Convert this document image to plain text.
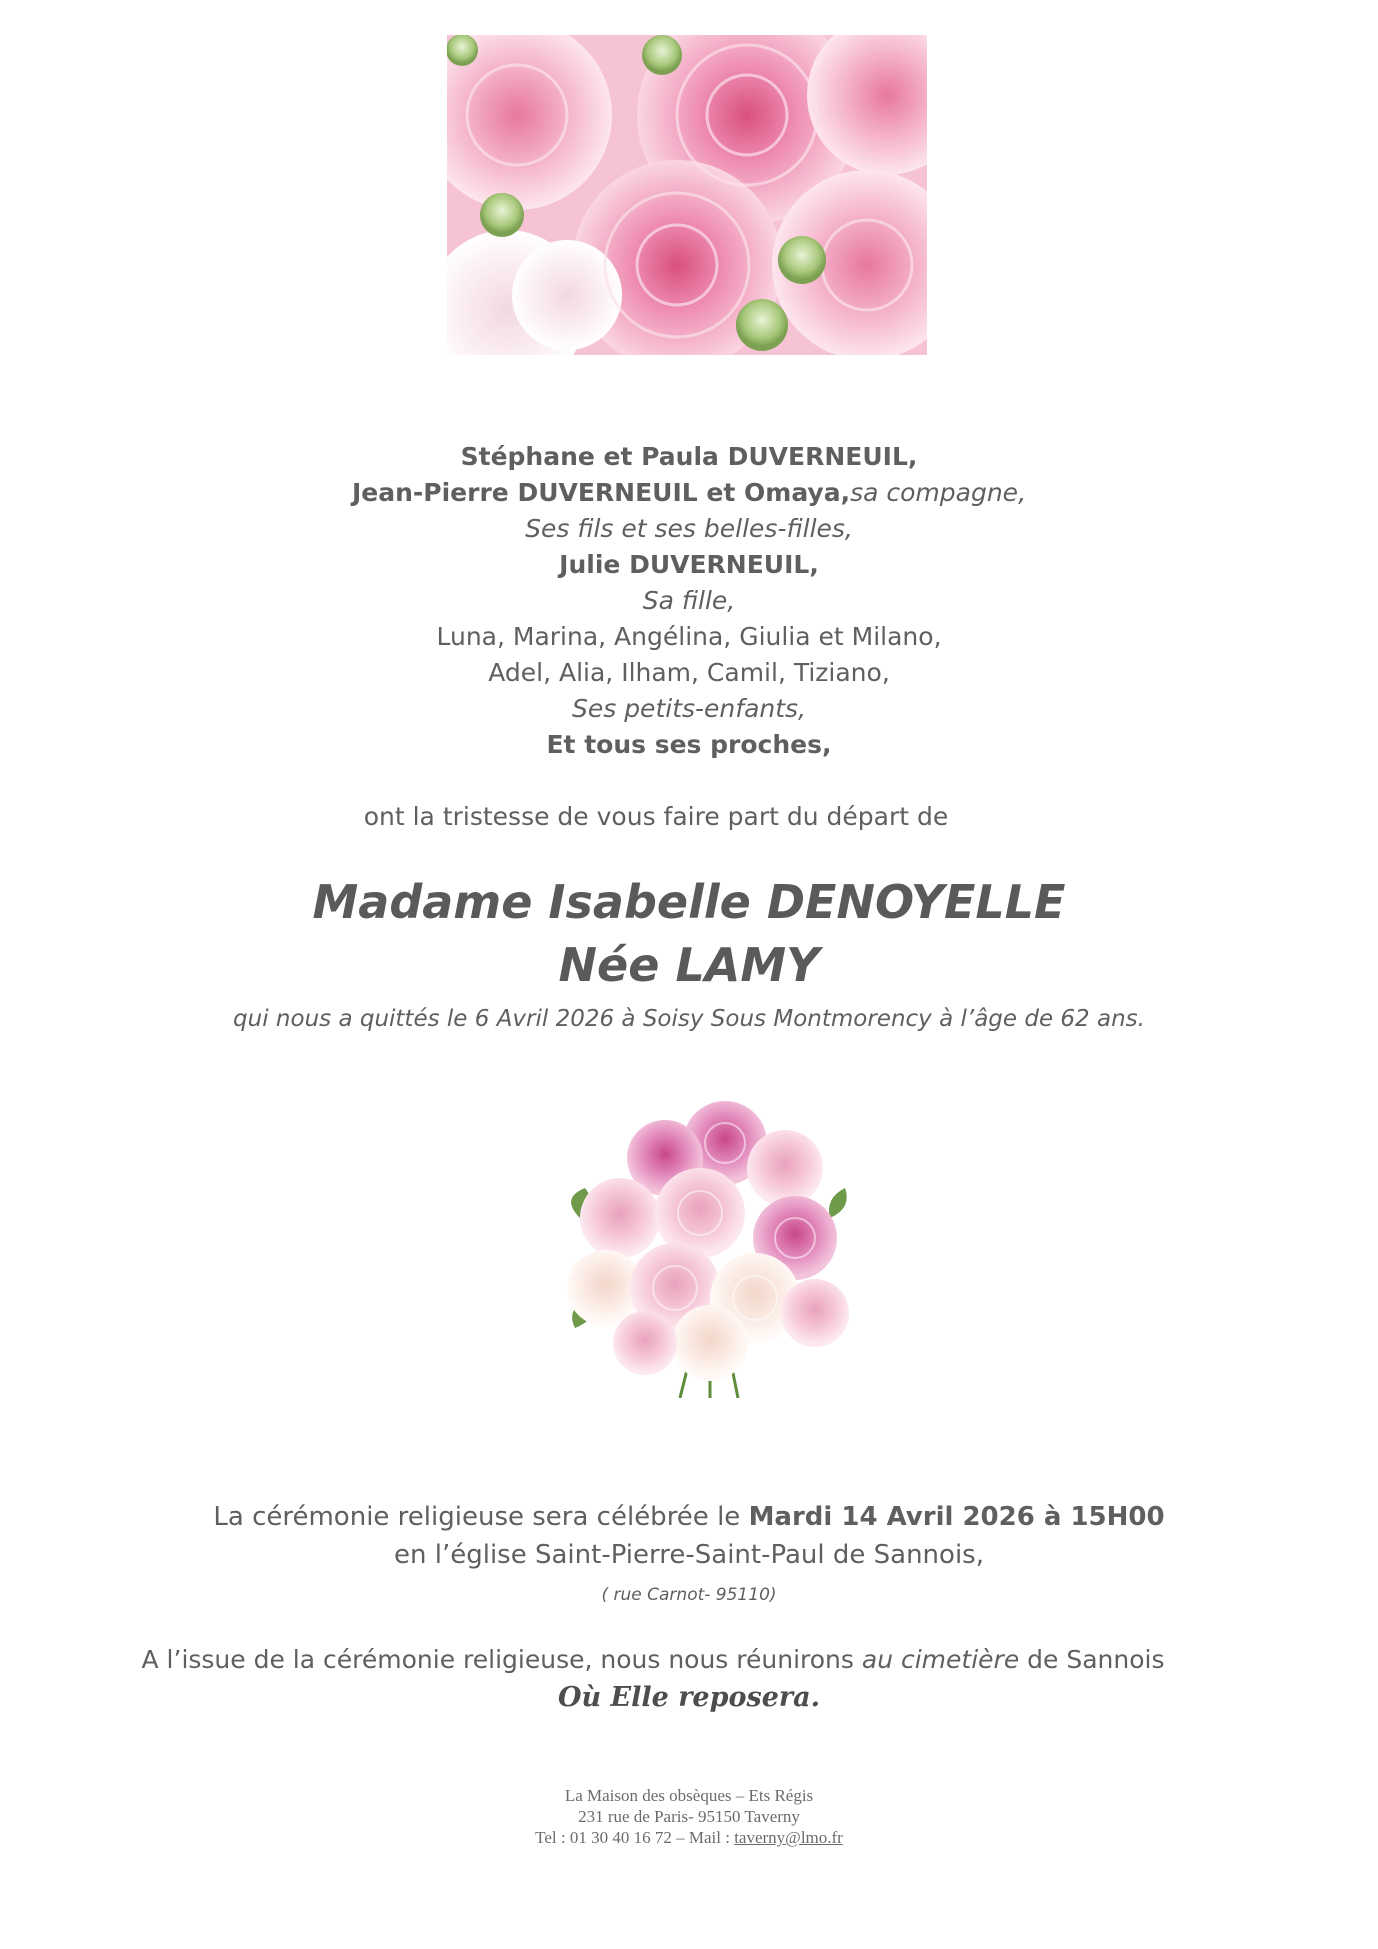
Stéphane et Paula DUVERNEUIL,
Jean-Pierre DUVERNEUIL et Omaya,sa compagne,
Ses fils et ses belles-filles,
Julie DUVERNEUIL,
Sa fille,
Luna, Marina, Angélina, Giulia et Milano,
Adel, Alia, Ilham, Camil, Tiziano,
Ses petits-enfants,
Et tous ses proches,
ont la tristesse de vous faire part du départ de
Madame Isabelle DENOYELLE
Née LAMY
qui nous a quittés le 6 Avril 2026 à Soisy Sous Montmorency à l’âge de 62 ans.
La cérémonie religieuse sera célébrée le Mardi 14 Avril 2026 à 15H00
en l’église Saint-Pierre-Saint-Paul de Sannois,
( rue Carnot- 95110)
A l’issue de la cérémonie religieuse, nous nous réunirons au cimetière de Sannois
Où Elle reposera.
La Maison des obsèques – Ets Régis
231 rue de Paris- 95150 Taverny
Tel : 01 30 40 16 72 – Mail : taverny@lmo.fr
